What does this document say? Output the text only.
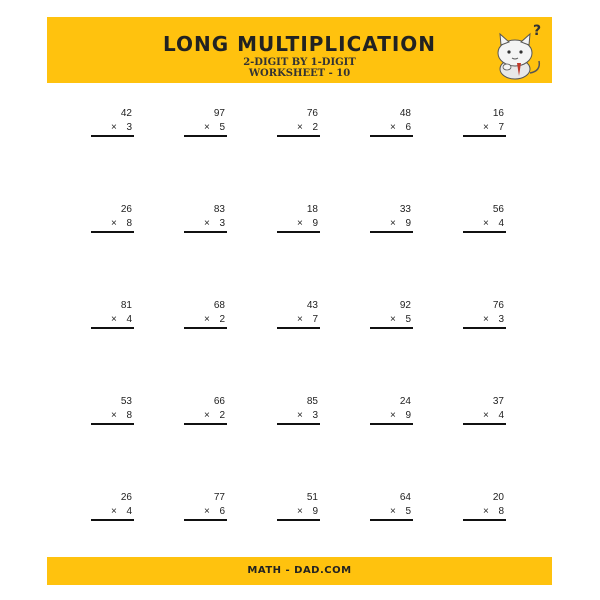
LONG MULTIPLICATION
2-DIGIT BY 1-DIGIT
WORKSHEET - 10
?
42
× 3
97
× 5
76
× 2
48
× 6
16
× 7
26
× 8
83
× 3
18
× 9
33
× 9
56
× 4
81
× 4
68
× 2
43
× 7
92
× 5
76
× 3
53
× 8
66
× 2
85
× 3
24
× 9
37
× 4
26
× 4
77
× 6
51
× 9
64
× 5
20
× 8
MATH - DAD.COM
